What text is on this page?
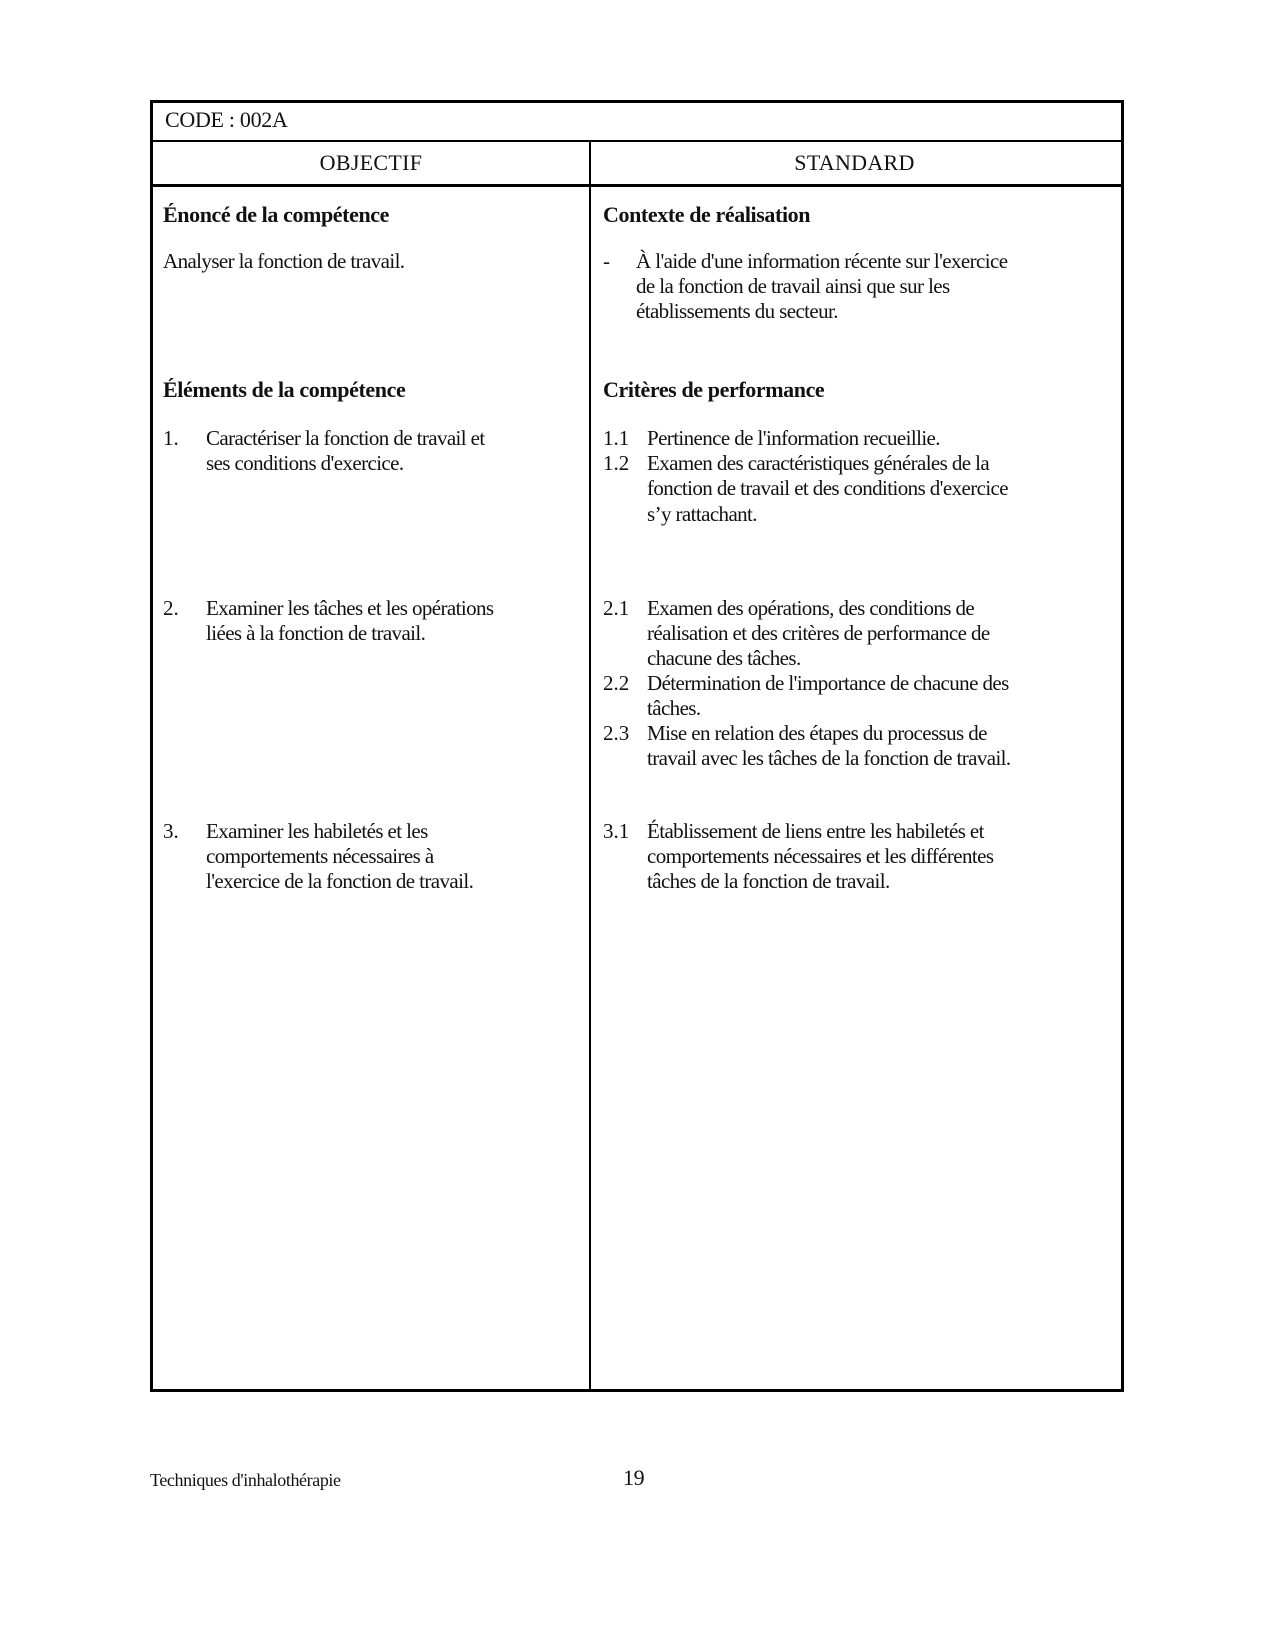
CODE : 002A
OBJECTIF	STANDARD
Énoncé de la compétence
Analyser la fonction de travail.
Éléments de la compétence
1. Caractériser la fonction de travail et
ses conditions d'exercice.
2. Examiner les tâches et les opérations
liées à la fonction de travail.
3. Examiner les habiletés et les
comportements nécessaires à
l'exercice de la fonction de travail.
Contexte de réalisation
- À l'aide d'une information récente sur l'exercice
de la fonction de travail ainsi que sur les
établissements du secteur.
Critères de performance
1.1 Pertinence de l'information recueillie.
1.2 Examen des caractéristiques générales de la
fonction de travail et des conditions d'exercice
s’y rattachant.
2.1 Examen des opérations, des conditions de
réalisation et des critères de performance de
chacune des tâches.
2.2 Détermination de l'importance de chacune des
tâches.
2.3 Mise en relation des étapes du processus de
travail avec les tâches de la fonction de travail.
3.1 Établissement de liens entre les habiletés et
comportements nécessaires et les différentes
tâches de la fonction de travail.
Techniques d'inhalothérapie	19
